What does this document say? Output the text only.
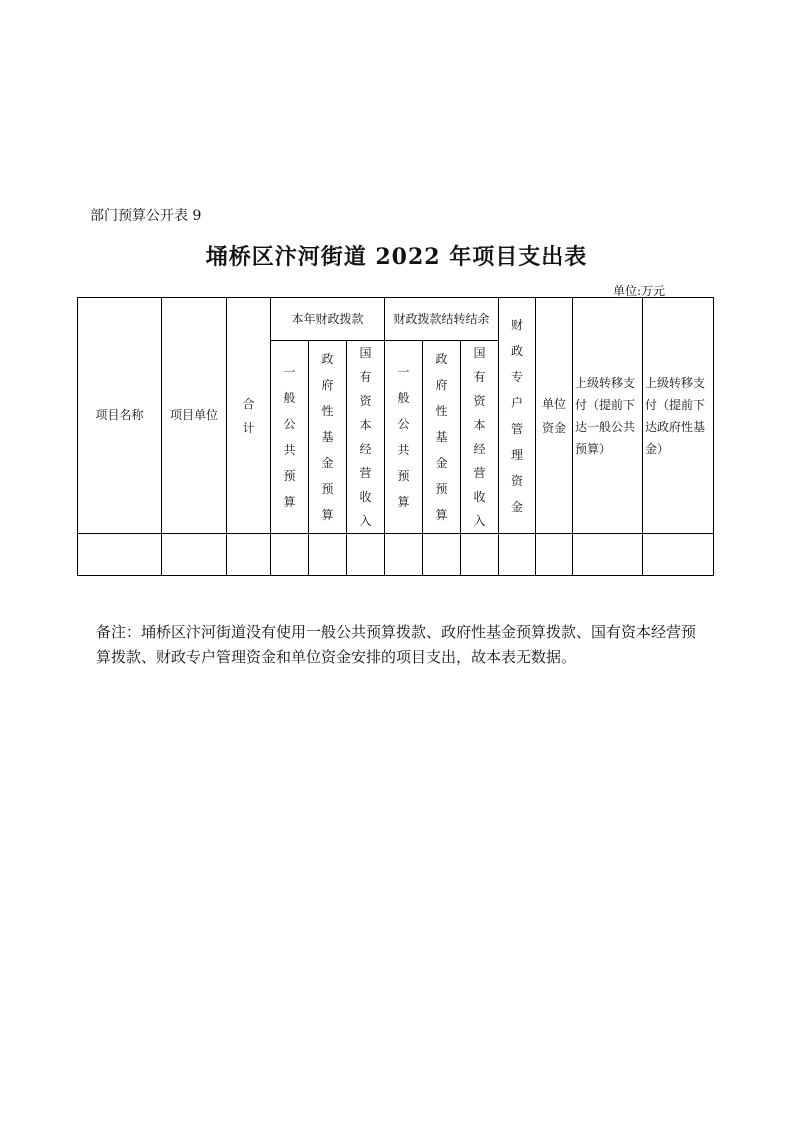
部门预算公开表 9
埇桥区汴河街道 2022 年项目支出表
单位:万元
项目名称	项目单位	合计	本年财政拨款			财政拨款结转结余			财政专户管理资金	单位资金	上级转移支付（提前下达一般公共预算）	上级转移支付（提前下达政府性基金）

			一般公共预算	政府性基金预算	国有资本经营收入	一般公共预算	政府性基金预算	国有资本经营收入				

备注：埇桥区汴河街道没有使用一般公共预算拨款、政府性基金预算拨款、国有资本经营预算拨款、财政专户管理资金和单位资金安排的项目支出，故本表无数据。
